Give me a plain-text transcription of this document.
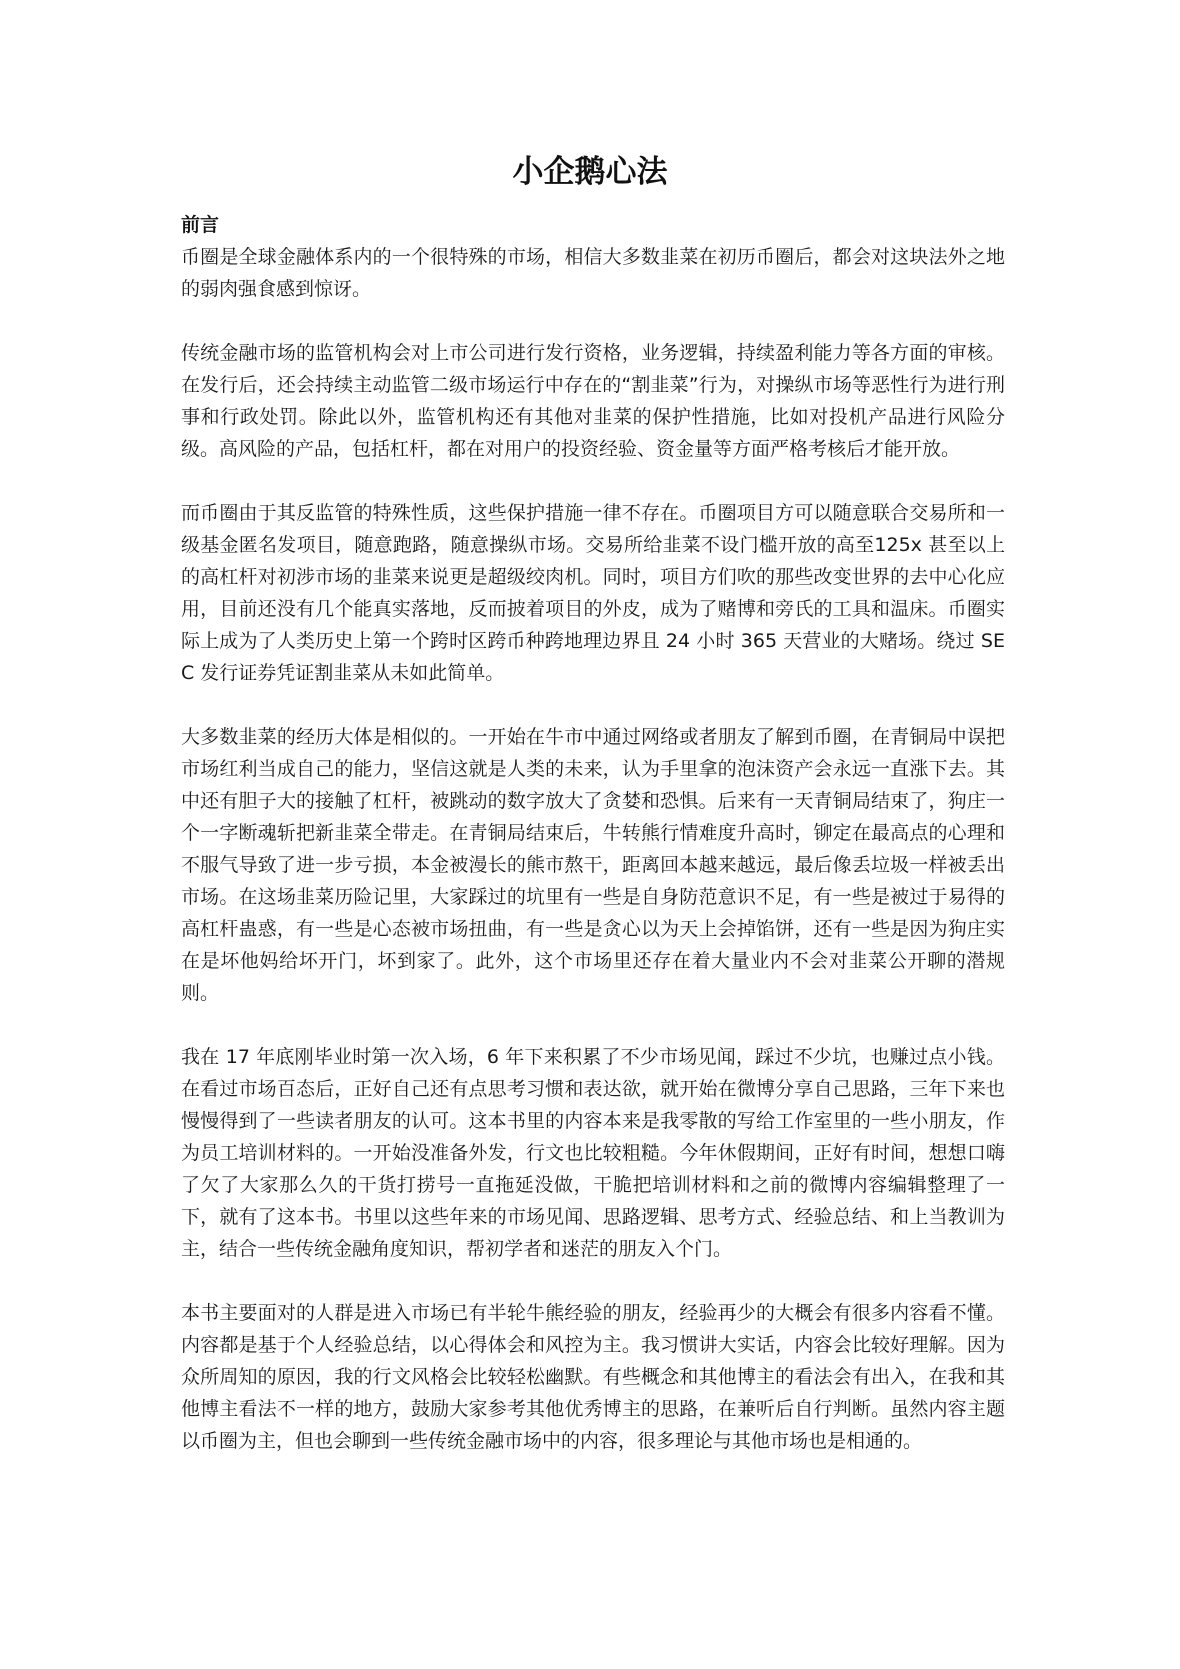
小企鹅心法

前言

币圈是全球金融体系内的一个很特殊的市场，相信大多数韭菜在初历币圈后，都会对这块法外之地的弱肉强食感到惊讶。

传统金融市场的监管机构会对上市公司进行发行资格，业务逻辑，持续盈利能力等各方面的审核。在发行后，还会持续主动监管二级市场运行中存在的“割韭菜”行为，对操纵市场等恶性行为进行刑事和行政处罚。除此以外，监管机构还有其他对韭菜的保护性措施，比如对投机产品进行风险分级。高风险的产品，包括杠杆，都在对用户的投资经验、资金量等方面严格考核后才能开放。

而币圈由于其反监管的特殊性质，这些保护措施一律不存在。币圈项目方可以随意联合交易所和一级基金匿名发项目，随意跑路，随意操纵市场。交易所给韭菜不设门槛开放的高至125x 甚至以上的高杠杆对初涉市场的韭菜来说更是超级绞肉机。同时，项目方们吹的那些改变世界的去中心化应用，目前还没有几个能真实落地，反而披着项目的外皮，成为了赌博和旁氏的工具和温床。币圈实际上成为了人类历史上第一个跨时区跨币种跨地理边界且 24 小时 365 天营业的大赌场。绕过 SEC 发行证券凭证割韭菜从未如此简单。

大多数韭菜的经历大体是相似的。一开始在牛市中通过网络或者朋友了解到币圈，在青铜局中误把市场红利当成自己的能力，坚信这就是人类的未来，认为手里拿的泡沫资产会永远一直涨下去。其中还有胆子大的接触了杠杆，被跳动的数字放大了贪婪和恐惧。后来有一天青铜局结束了，狗庄一个一字断魂斩把新韭菜全带走。在青铜局结束后，牛转熊行情难度升高时，铆定在最高点的心理和不服气导致了进一步亏损，本金被漫长的熊市熬干，距离回本越来越远，最后像丢垃圾一样被丢出市场。在这场韭菜历险记里，大家踩过的坑里有一些是自身防范意识不足，有一些是被过于易得的高杠杆蛊惑，有一些是心态被市场扭曲，有一些是贪心以为天上会掉馅饼，还有一些是因为狗庄实在是坏他妈给坏开门，坏到家了。此外，这个市场里还存在着大量业内不会对韭菜公开聊的潜规则。

我在 17 年底刚毕业时第一次入场，6 年下来积累了不少市场见闻，踩过不少坑，也赚过点小钱。在看过市场百态后，正好自己还有点思考习惯和表达欲，就开始在微博分享自己思路，三年下来也慢慢得到了一些读者朋友的认可。这本书里的内容本来是我零散的写给工作室里的一些小朋友，作为员工培训材料的。一开始没准备外发，行文也比较粗糙。今年休假期间，正好有时间，想想口嗨了欠了大家那么久的干货打捞号一直拖延没做，干脆把培训材料和之前的微博内容编辑整理了一下，就有了这本书。书里以这些年来的市场见闻、思路逻辑、思考方式、经验总结、和上当教训为主，结合一些传统金融角度知识，帮初学者和迷茫的朋友入个门。

本书主要面对的人群是进入市场已有半轮牛熊经验的朋友，经验再少的大概会有很多内容看不懂。内容都是基于个人经验总结，以心得体会和风控为主。我习惯讲大实话，内容会比较好理解。因为众所周知的原因，我的行文风格会比较轻松幽默。有些概念和其他博主的看法会有出入，在我和其他博主看法不一样的地方，鼓励大家参考其他优秀博主的思路，在兼听后自行判断。虽然内容主题以币圈为主，但也会聊到一些传统金融市场中的内容，很多理论与其他市场也是相通的。
